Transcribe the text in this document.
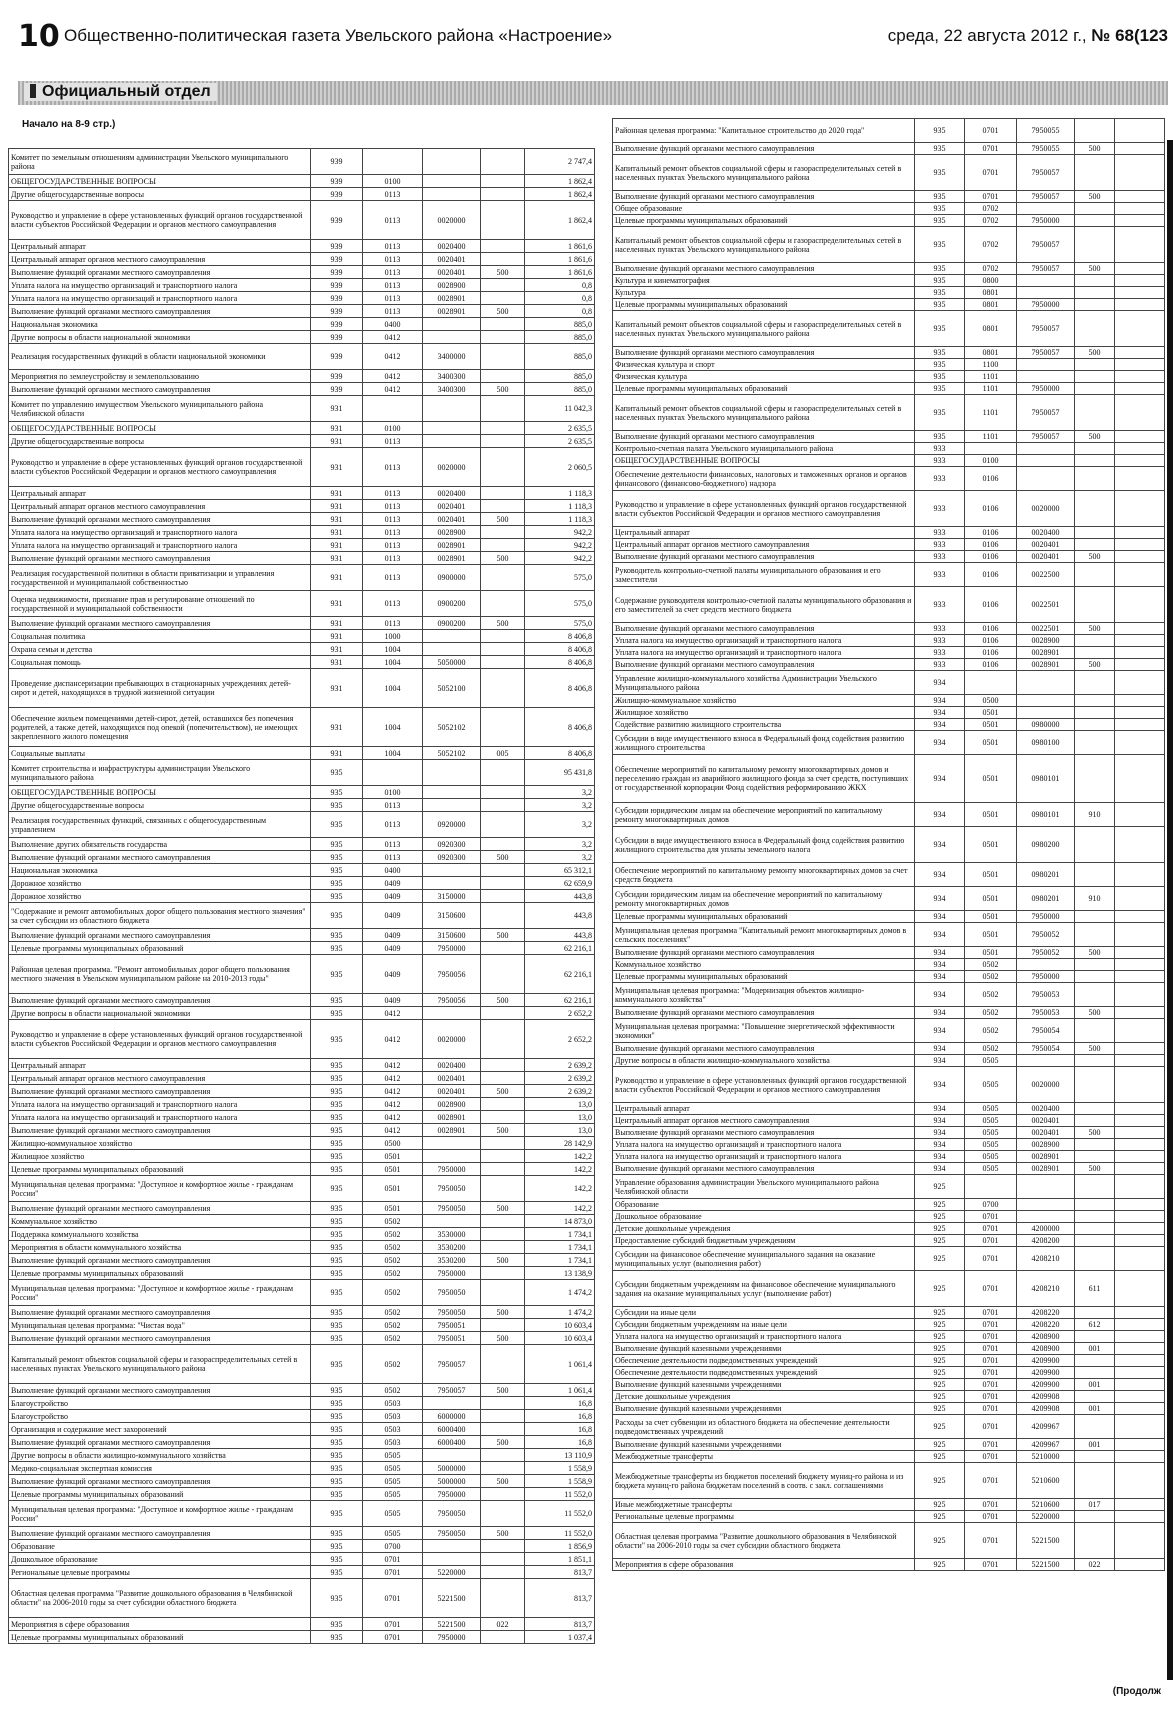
10 Общественно-политическая газета Увельского района «Настроение»	среда, 22 августа 2012 г., № 68(123
Официальный отдел
Начало на 8-9 стр.)
Комитет по земельным отношениям администрации Увельского муниципального района	939				2 747,4
ОБЩЕГОСУДАРСТВЕННЫЕ ВОПРОСЫ	939	0100			1 862,4
Другие общегосударственные вопросы	939	0113			1 862,4
Руководство и управление в сфере установленных функций органов государственной власти субъектов Российской Федерации и органов местного самоуправления	939	0113	0020000		1 862,4
Центральный аппарат	939	0113	0020400		1 861,6
Центральный аппарат органов местного самоуправления	939	0113	0020401		1 861,6
Выполнение функций органами местного самоуправления	939	0113	0020401	500	1 861,6
Уплата налога на имущество организаций и транспортного налога	939	0113	0028900		0,8
Уплата налога на имущество организаций и транспортного налога	939	0113	0028901		0,8
Выполнение функций органами местного самоуправления	939	0113	0028901	500	0,8
Национальная экономика	939	0400			885,0
Другие вопросы в области национальной экономики	939	0412			885,0
Реализация государственных функций в области национальной экономики	939	0412	3400000		885,0
Мероприятия по землеустройству и землепользованию	939	0412	3400300		885,0
Выполнение функций органами местного самоуправления	939	0412	3400300	500	885,0
Комитет по управлению имуществом Увельского муниципального района Челябинской области	931				11 042,3
ОБЩЕГОСУДАРСТВЕННЫЕ ВОПРОСЫ	931	0100			2 635,5
Другие общегосударственные вопросы	931	0113			2 635,5
Руководство и управление в сфере установленных функций органов государственной власти субъектов Российской Федерации и органов местного самоуправления	931	0113	0020000		2 060,5
Центральный аппарат	931	0113	0020400		1 118,3
Центральный аппарат органов местного самоуправления	931	0113	0020401		1 118,3
Выполнение функций органами местного самоуправления	931	0113	0020401	500	1 118,3
Уплата налога на имущество организаций и транспортного налога	931	0113	0028900		942,2
Уплата налога на имущество организаций и транспортного налога	931	0113	0028901		942,2
Выполнение функций органами местного самоуправления	931	0113	0028901	500	942,2
Реализация государственной политики в области приватизации и управления государственной и муниципальной собственностью	931	0113	0900000		575,0
Оценка недвижимости, признание прав и регулирование отношений по государственной и муниципальной собственности	931	0113	0900200		575,0
Выполнение функций органами местного самоуправления	931	0113	0900200	500	575,0
Социальная политика	931	1000			8 406,8
Охрана семьи и детства	931	1004			8 406,8
Социальная помощь	931	1004	5050000		8 406,8
Проведение диспансеризации пребывающих в стационарных учреждениях детей-сирот и детей, находящихся в трудной жизненной ситуации	931	1004	5052100		8 406,8
Обеспечение жильем помещениями детей-сирот, детей, оставшихся без попечения родителей, а также детей, находящихся под опекой (попечительством), не имеющих закрепленного жилого помещения	931	1004	5052102		8 406,8
Социальные выплаты	931	1004	5052102	005	8 406,8
Комитет строительства и инфраструктуры администрации Увельского муниципального района	935				95 431,8
ОБЩЕГОСУДАРСТВЕННЫЕ ВОПРОСЫ	935	0100			3,2
Другие общегосударственные вопросы	935	0113			3,2
Реализация государственных функций, связанных с общегосударственным управлением	935	0113	0920000		3,2
Выполнение других обязательств государства	935	0113	0920300		3,2
Выполнение функций органами местного самоуправления	935	0113	0920300	500	3,2
Национальная экономика	935	0400			65 312,1
Дорожное хозяйство	935	0409			62 659,9
Дорожное хозяйство	935	0409	3150000		443,8
"Содержание и ремонт автомобильных дорог общего пользования местного значения" за счет субсидии из областного бюджета	935	0409	3150600		443,8
Выполнение функций органами местного самоуправления	935	0409	3150600	500	443,8
Целевые программы муниципальных образований	935	0409	7950000		62 216,1
Районная целевая программа. "Ремонт автомобильных дорог общего пользования местного значения в Увельском муниципальном районе на 2010-2013 годы"	935	0409	7950056		62 216,1
Выполнение функций органами местного самоуправления	935	0409	7950056	500	62 216,1
Другие вопросы в области национальной экономики	935	0412			2 652,2
Руководство и управление в сфере установленных функций органов государственной власти субъектов Российской Федерации и органов местного самоуправления	935	0412	0020000		2 652,2
Центральный аппарат	935	0412	0020400		2 639,2
Центральный аппарат органов местного самоуправления	935	0412	0020401		2 639,2
Выполнение функций органами местного самоуправления	935	0412	0020401	500	2 639,2
Уплата налога на имущество организаций и транспортного налога	935	0412	0028900		13,0
Уплата налога на имущество организаций и транспортного налога	935	0412	0028901		13,0
Выполнение функций органами местного самоуправления	935	0412	0028901	500	13,0
Жилищно-коммунальное хозяйство	935	0500			28 142,9
Жилищное хозяйство	935	0501			142,2
Целевые программы муниципальных образований	935	0501	7950000		142,2
Муниципальная целевая программа: "Доступное и комфортное жилье - гражданам России"	935	0501	7950050		142,2
Выполнение функций органами местного самоуправления	935	0501	7950050	500	142,2
Коммунальное хозяйство	935	0502			14 873,0
Поддержка коммунального хозяйства	935	0502	3530000		1 734,1
Мероприятия в области коммунального хозяйства	935	0502	3530200		1 734,1
Выполнение функций органами местного самоуправления	935	0502	3530200	500	1 734,1
Целевые программы муниципальных образований	935	0502	7950000		13 138,9
Муниципальная целевая программа: "Доступное и комфортное жилье - гражданам России"	935	0502	7950050		1 474,2
Выполнение функций органами местного самоуправления	935	0502	7950050	500	1 474,2
Муниципальная целевая программа: "Чистая вода"	935	0502	7950051		10 603,4
Выполнение функций органами местного самоуправления	935	0502	7950051	500	10 603,4
Капитальный ремонт объектов социальной сферы и газораспределительных сетей в населенных пунктах Увельского муниципального района	935	0502	7950057		1 061,4
Выполнение функций органами местного самоуправления	935	0502	7950057	500	1 061,4
Благоустройство	935	0503			16,8
Благоустройство	935	0503	6000000		16,8
Организация и содержание мест захоронений	935	0503	6000400		16,8
Выполнение функций органами местного самоуправления	935	0503	6000400	500	16,8
Другие вопросы в области жилищно-коммунального хозяйства	935	0505			13 110,9
Медико-социальная экспертная комиссия	935	0505	5000000		1 558,9
Выполнение функций органами местного самоуправления	935	0505	5000000	500	1 558,9
Целевые программы муниципальных образований	935	0505	7950000		11 552,0
Муниципальная целевая программа: "Доступное и комфортное жилье - гражданам России"	935	0505	7950050		11 552,0
Выполнение функций органами местного самоуправления	935	0505	7950050	500	11 552,0
Образование	935	0700			1 856,9
Дошкольное образование	935	0701			1 851,1
Региональные целевые программы	935	0701	5220000		813,7
Областная целевая программа "Развитие дошкольного образования в Челябинской области" на 2006-2010 годы за счет субсидии областного бюджета	935	0701	5221500		813,7
Мероприятия в сфере образования	935	0701	5221500	022	813,7
Целевые программы муниципальных образований	935	0701	7950000		1 037,4
Районная целевая программа: "Капитальное строительство до 2020 года"	935	0701	7950055		
Выполнение функций органами местного самоуправления	935	0701	7950055	500	
Капитальный ремонт объектов социальной сферы и газораспределительных сетей в населенных пунктах Увельского муниципального района	935	0701	7950057		
Выполнение функций органами местного самоуправления	935	0701	7950057	500	
Общее образование	935	0702			
Целевые программы муниципальных образований	935	0702	7950000		
Капитальный ремонт объектов социальной сферы и газораспределительных сетей в населенных пунктах Увельского муниципального района	935	0702	7950057		
Выполнение функций органами местного самоуправления	935	0702	7950057	500	
Культура и кинематография	935	0800			
Культура	935	0801			
Целевые программы муниципальных образований	935	0801	7950000		
Капитальный ремонт объектов социальной сферы и газораспределительных сетей в населенных пунктах Увельского муниципального района	935	0801	7950057		
Выполнение функций органами местного самоуправления	935	0801	7950057	500	
Физическая культура и спорт	935	1100			
Физическая культура	935	1101			
Целевые программы муниципальных образований	935	1101	7950000		
Капитальный ремонт объектов социальной сферы и газораспределительных сетей в населенных пунктах Увельского муниципального района	935	1101	7950057		
Выполнение функций органами местного самоуправления	935	1101	7950057	500	
Контрольно-счетная палата Увельского муниципального района	933				
ОБЩЕГОСУДАРСТВЕННЫЕ ВОПРОСЫ	933	0100			
Обеспечение деятельности финансовых, налоговых и таможенных органов и органов финансового (финансово-бюджетного) надзора	933	0106			
Руководство и управление в сфере установленных функций органов государственной власти субъектов Российской Федерации и органов местного самоуправления	933	0106	0020000		
Центральный аппарат	933	0106	0020400		
Центральный аппарат органов местного самоуправления	933	0106	0020401		
Выполнение функций органами местного самоуправления	933	0106	0020401	500	
Руководитель контрольно-счетной палаты муниципального образования и его заместители	933	0106	0022500		
Содержание руководителя контрольно-счетной палаты муниципального образования и его заместителей за счет средств местного бюджета	933	0106	0022501		
Выполнение функций органами местного самоуправления	933	0106	0022501	500	
Уплата налога на имущество организаций и транспортного налога	933	0106	0028900		
Уплата налога на имущество организаций и транспортного налога	933	0106	0028901		
Выполнение функций органами местного самоуправления	933	0106	0028901	500	
Управление жилищно-коммунального хозяйства Администрации Увельского Муниципального района	934				
Жилищно-коммунальное хозяйство	934	0500			
Жилищное хозяйство	934	0501			
Содействие развитию жилищного строительства	934	0501	0980000		
Субсидии в виде имущественного взноса в Федеральный фонд содействия развитию жилищного строительства	934	0501	0980100		
Обеспечение мероприятий по капитальному ремонту многоквартирных домов и переселению граждан из аварийного жилищного фонда за счет средств, поступивших от государственной корпорации Фонд содействия реформированию ЖКХ	934	0501	0980101		
Субсидии юридическим лицам на обеспечение мероприятий по капитальному ремонту многоквартирных домов	934	0501	0980101	910	
Субсидии в виде имущественного взноса в Федеральный фонд содействия развитию жилищного строительства для уплаты земельного налога	934	0501	0980200		
Обеспечение мероприятий по капитальному ремонту многоквартирных домов за счет средств бюджета	934	0501	0980201		
Субсидии юридическим лицам на обеспечение мероприятий по капитальному ремонту многоквартирных домов	934	0501	0980201	910	
Целевые программы муниципальных образований	934	0501	7950000		
Муниципальная целевая программа "Капитальный ремонт многоквартирных домов в сельских поселениях"	934	0501	7950052		
Выполнение функций органами местного самоуправления	934	0501	7950052	500	
Коммунальное хозяйство	934	0502			
Целевые программы муниципальных образований	934	0502	7950000		
Муниципальная целевая программа: "Модернизация объектов жилищно-коммунального хозяйства"	934	0502	7950053		
Выполнение функций органами местного самоуправления	934	0502	7950053	500	
Муниципальная целевая программа: "Повышение энергетической эффективности экономики"	934	0502	7950054		
Выполнение функций органами местного самоуправления	934	0502	7950054	500	
Другие вопросы в области жилищно-коммунального хозяйства	934	0505			
Руководство и управление в сфере установленных функций органов государственной власти субъектов Российской Федерации и органов местного самоуправления	934	0505	0020000		
Центральный аппарат	934	0505	0020400		
Центральный аппарат органов местного самоуправления	934	0505	0020401		
Выполнение функций органами местного самоуправления	934	0505	0020401	500	
Уплата налога на имущество организаций и транспортного налога	934	0505	0028900		
Уплата налога на имущество организаций и транспортного налога	934	0505	0028901		
Выполнение функций органами местного самоуправления	934	0505	0028901	500	
Управление образования администрации Увельского муниципального района Челябинской области	925				
Образование	925	0700			
Дошкольное образование	925	0701			
Детские дошкольные учреждения	925	0701	4200000		
Предоставление субсидий бюджетным учреждениям	925	0701	4208200		
Субсидии на финансовое обеспечение муниципального задания на оказание муниципальных услуг (выполнения работ)	925	0701	4208210		
Субсидии бюджетным учреждениям на финансовое обеспечение муниципального задания на оказание муниципальных услуг (выполнение работ)	925	0701	4208210	611	
Субсидии на иные цели	925	0701	4208220		
Субсидии бюджетным учреждениям на иные цели	925	0701	4208220	612	
Уплата налога на имущество организаций и транспортного налога	925	0701	4208900		
Выполнение функций казенными учреждениями	925	0701	4208900	001	
Обеспечение деятельности подведомственных учреждений	925	0701	4209900		
Обеспечение деятельности подведомственных учреждений	925	0701	4209900		
Выполнение функций казенными учреждениями	925	0701	4209900	001	
Детские дошкольные учреждения	925	0701	4209908		
Выполнение функций казенными учреждениями	925	0701	4209908	001	
Расходы за счет субвенции из областного бюджета на обеспечение деятельности подведомственных учреждений	925	0701	4209967		
Выполнение функций казенными учреждениями	925	0701	4209967	001	
Межбюджетные трансферты	925	0701	5210000		
Межбюджетные трансферты из бюджетов поселений бюджету муниц-го района и из бюджета муниц-го района бюджетам поселений в соотв. с закл. соглашениями	925	0701	5210600		
Иные межбюджетные трансферты	925	0701	5210600	017	
Региональные целевые программы	925	0701	5220000		
Областная целевая программа "Развитие дошкольного образования в Челябинской области" на 2006-2010 годы за счет субсидии областного бюджета	925	0701	5221500		
Мероприятия в сфере образования	925	0701	5221500	022	
(Продолж
